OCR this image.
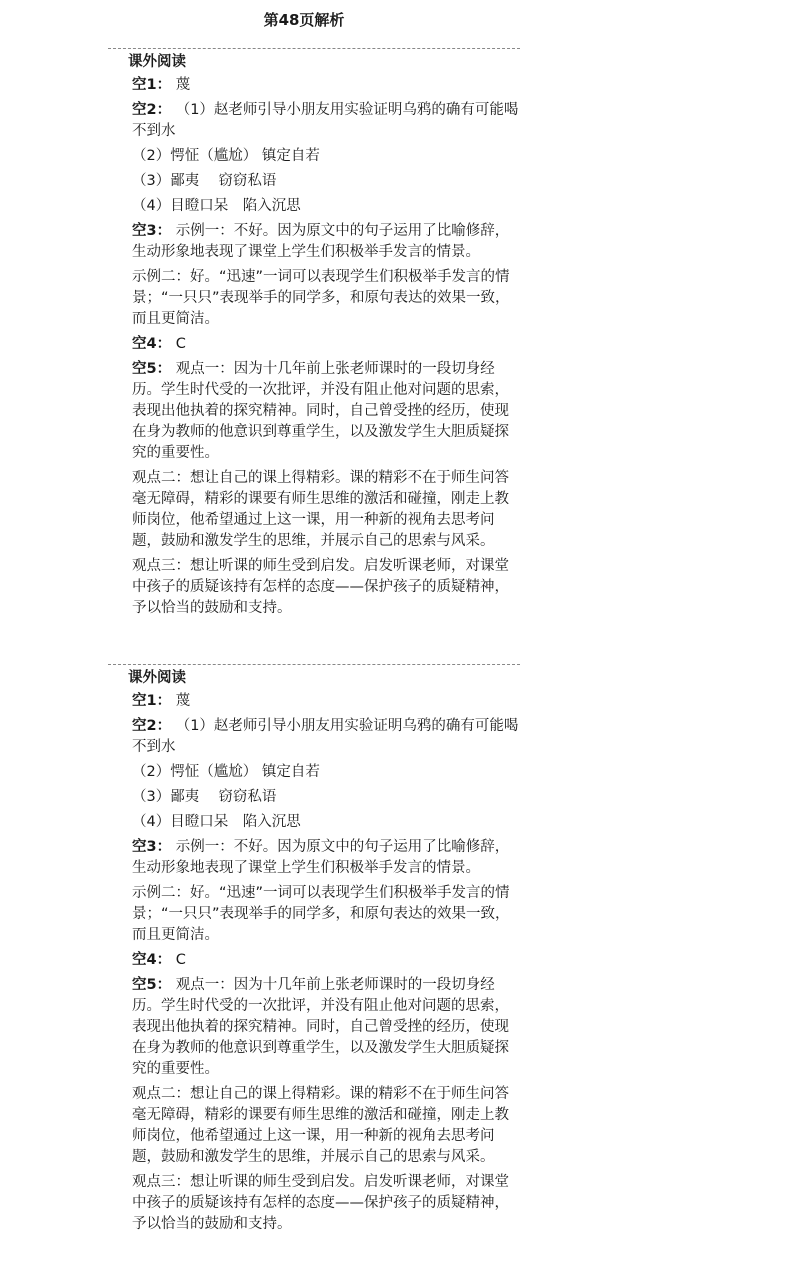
第48页解析
课外阅读
空1： 蔑
空2： （1）赵老师引导小朋友用实验证明乌鸦的确有可能喝不到水
（2）愕怔（尴尬） 镇定自若
（3）鄙夷　 窃窃私语
（4）目瞪口呆　陷入沉思
空3： 示例一：不好。因为原文中的句子运用了比喻修辞，生动形象地表现了课堂上学生们积极举手发言的情景。
示例二：好。“迅速”一词可以表现学生们积极举手发言的情景；“一只只”表现举手的同学多，和原句表达的效果一致，而且更简洁。
空4： C
空5： 观点一：因为十几年前上张老师课时的一段切身经历。学生时代受的一次批评，并没有阻止他对问题的思索，表现出他执着的探究精神。同时，自己曾受挫的经历，使现在身为教师的他意识到尊重学生，以及激发学生大胆质疑探究的重要性。
观点二：想让自己的课上得精彩。课的精彩不在于师生问答毫无障碍，精彩的课要有师生思维的激活和碰撞，刚走上教师岗位，他希望通过上这一课，用一种新的视角去思考问题，鼓励和激发学生的思维，并展示自己的思索与风采。
观点三：想让听课的师生受到启发。启发听课老师，对课堂中孩子的质疑该持有怎样的态度——保护孩子的质疑精神，予以恰当的鼓励和支持。
课外阅读
空1： 蔑
空2： （1）赵老师引导小朋友用实验证明乌鸦的确有可能喝不到水
（2）愕怔（尴尬） 镇定自若
（3）鄙夷　 窃窃私语
（4）目瞪口呆　陷入沉思
空3： 示例一：不好。因为原文中的句子运用了比喻修辞，生动形象地表现了课堂上学生们积极举手发言的情景。
示例二：好。“迅速”一词可以表现学生们积极举手发言的情景；“一只只”表现举手的同学多，和原句表达的效果一致，而且更简洁。
空4： C
空5： 观点一：因为十几年前上张老师课时的一段切身经历。学生时代受的一次批评，并没有阻止他对问题的思索，表现出他执着的探究精神。同时，自己曾受挫的经历，使现在身为教师的他意识到尊重学生，以及激发学生大胆质疑探究的重要性。
观点二：想让自己的课上得精彩。课的精彩不在于师生问答毫无障碍，精彩的课要有师生思维的激活和碰撞，刚走上教师岗位，他希望通过上这一课，用一种新的视角去思考问题，鼓励和激发学生的思维，并展示自己的思索与风采。
观点三：想让听课的师生受到启发。启发听课老师，对课堂中孩子的质疑该持有怎样的态度——保护孩子的质疑精神，予以恰当的鼓励和支持。
